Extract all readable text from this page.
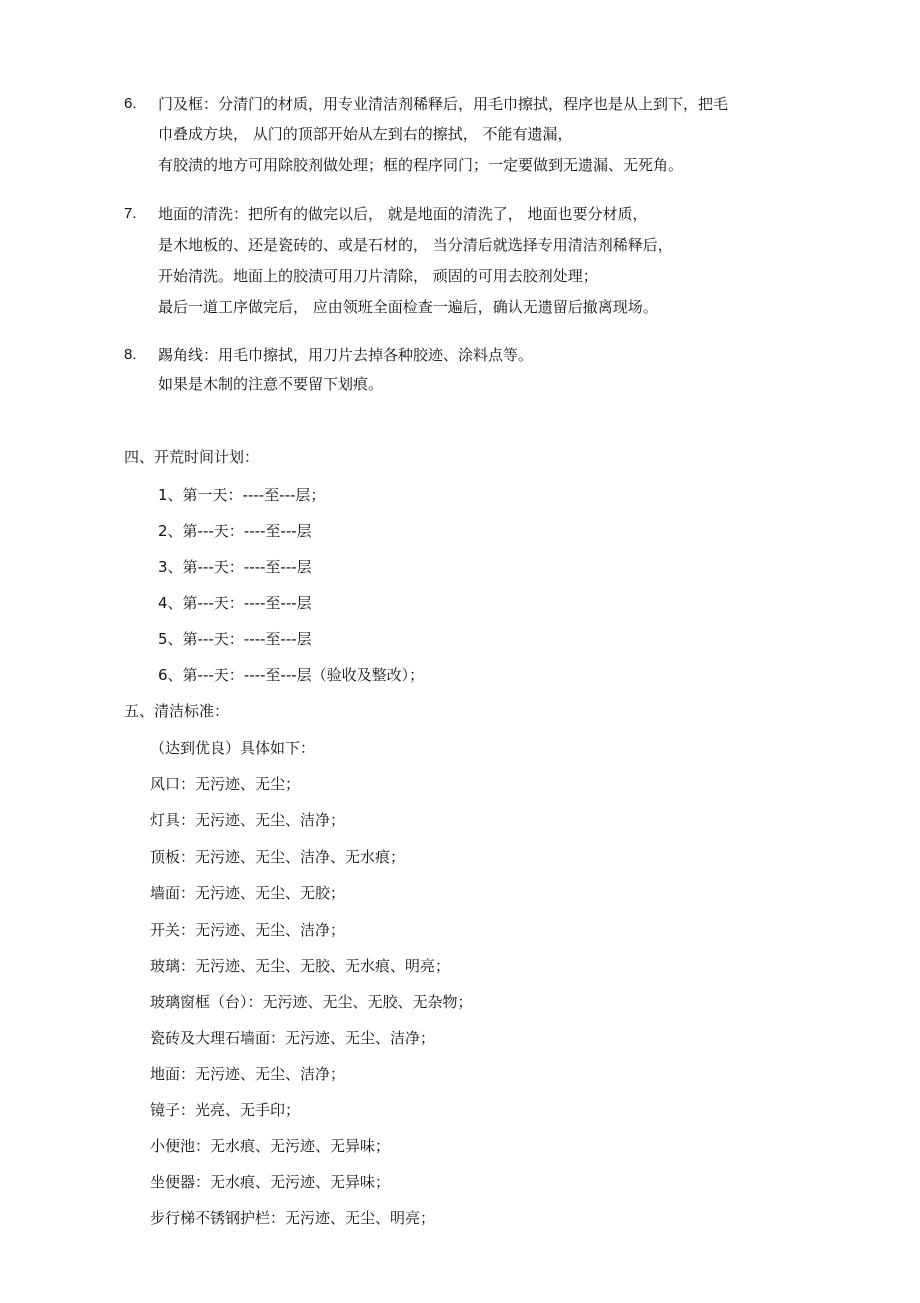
6. 门及框：分清门的材质，用专业清洁剂稀释后，用毛巾擦拭，程序也是从上到下，把毛
巾叠成方块， 从门的顶部开始从左到右的擦拭， 不能有遗漏，
有胶渍的地方可用除胶剂做处理；框的程序同门；一定要做到无遗漏、无死角。
7. 地面的清洗：把所有的做完以后， 就是地面的清洗了， 地面也要分材质，
是木地板的、还是瓷砖的、或是石材的， 当分清后就选择专用清洁剂稀释后，
开始清洗。地面上的胶渍可用刀片清除， 顽固的可用去胶剂处理；
最后一道工序做完后， 应由领班全面检查一遍后，确认无遗留后撤离现场。
8. 踢角线：用毛巾擦拭，用刀片去掉各种胶迹、涂料点等。
如果是木制的注意不要留下划痕。
四、开荒时间计划：
1、第一天：----至---层；
2、第---天：----至---层
3、第---天：----至---层
4、第---天：----至---层
5、第---天：----至---层
6、第---天：----至---层（验收及整改）；
五、清洁标准：
（达到优良）具体如下：
风口：无污迹、无尘；
灯具：无污迹、无尘、洁净；
顶板：无污迹、无尘、洁净、无水痕；
墙面：无污迹、无尘、无胶；
开关：无污迹、无尘、洁净；
玻璃：无污迹、无尘、无胶、无水痕、明亮；
玻璃窗框（台）：无污迹、无尘、无胶、无杂物；
瓷砖及大理石墙面：无污迹、无尘、洁净；
地面：无污迹、无尘、洁净；
镜子：光亮、无手印；
小便池：无水痕、无污迹、无异味；
坐便器：无水痕、无污迹、无异味；
步行梯不锈钢护栏：无污迹、无尘、明亮；
